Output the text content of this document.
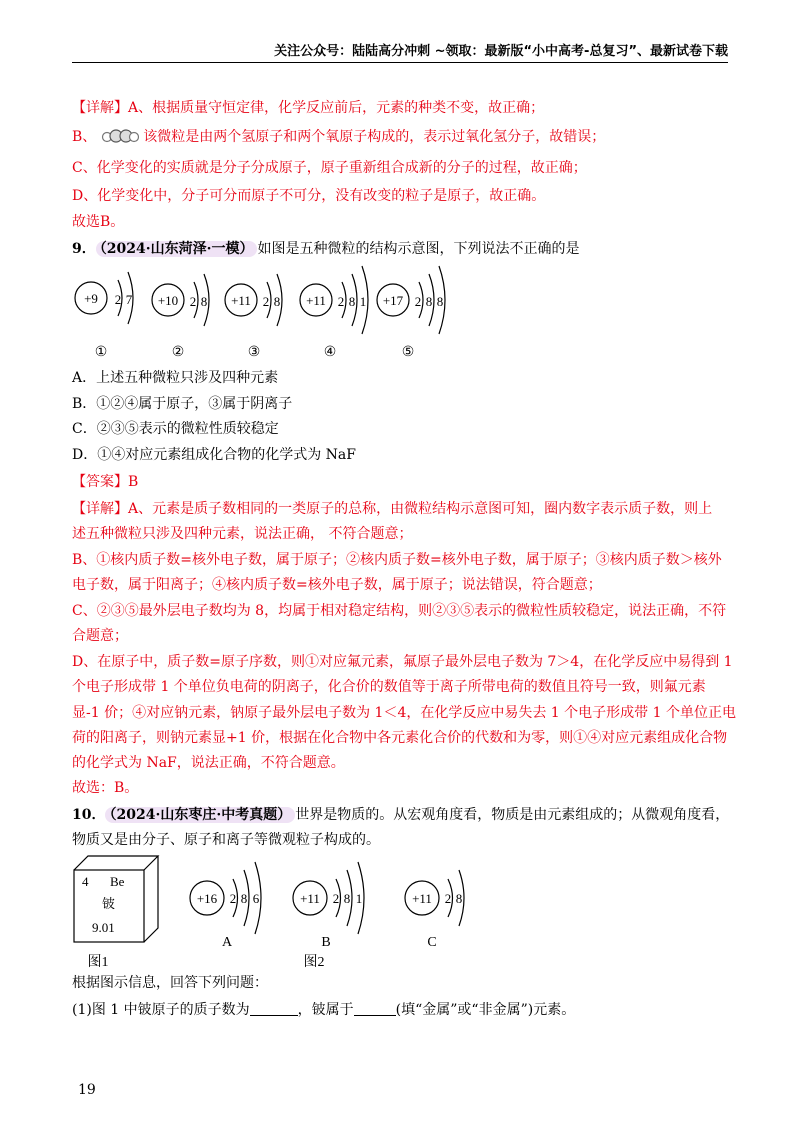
关注公众号：陆陆高分冲刺 ~领取：最新版“小中高考-总复习”、最新试卷下载
【详解】A、根据质量守恒定律，化学反应前后，元素的种类不变，故正确；
B、	该微粒是由两个氢原子和两个氧原子构成的，表示过氧化氢分子，故错误；
C、化学变化的实质就是分子分成原子，原子重新组合成新的分子的过程，故正确；
D、化学变化中，分子可分而原子不可分，没有改变的粒子是原子，故正确。
故选B。
9． （2024·山东菏泽·一模） 如图是五种微粒的结构示意图，下列说法不正确的是
+9 2 7 +10 2 8 +11 2 8 +11 2 8 1 +17 2 8 8
①	②	③	④	⑤
A．上述五种微粒只涉及四种元素
B．①②④属于原子，③属于阴离子
C．②③⑤表示的微粒性质较稳定
D．①④对应元素组成化合物的化学式为 NaF
【答案】B
【详解】A、元素是质子数相同的一类原子的总称，由微粒结构示意图可知，圈内数字表示质子数，则上
述五种微粒只涉及四种元素，说法正确， 不符合题意；
B、①核内质子数=核外电子数，属于原子；②核内质子数=核外电子数，属于原子；③核内质子数＞核外
电子数，属于阳离子；④核内质子数=核外电子数，属于原子；说法错误，符合题意；
C、②③⑤最外层电子数均为 8，均属于相对稳定结构，则②③⑤表示的微粒性质较稳定，说法正确，不符
合题意；
D、在原子中，质子数=原子序数，则①对应氟元素，氟原子最外层电子数为 7＞4，在化学反应中易得到 1
个电子形成带 1 个单位负电荷的阴离子，化合价的数值等于离子所带电荷的数值且符号一致，则氟元素
显-1 价；④对应钠元素，钠原子最外层电子数为 1＜4，在化学反应中易失去 1 个电子形成带 1 个单位正电
荷的阳离子，则钠元素显+1 价，根据在化合物中各元素化合价的代数和为零，则①④对应元素组成化合物
的化学式为 NaF，说法正确，不符合题意。
故选：B。
10． （2024·山东枣庄·中考真题） 世界是物质的。从宏观角度看，物质是由元素组成的；从微观角度看，
物质又是由分子、原子和离子等微观粒子构成的。
4 Be
铍
9.01
+16 2 8 6	+11 2 8 1
A	B
图1	图2
+11 2 8
C
根据图示信息，回答下列问题：
(1)图 1 中铍原子的质子数为	，铍属于	(填“金属”或“非金属”)元素。
19
